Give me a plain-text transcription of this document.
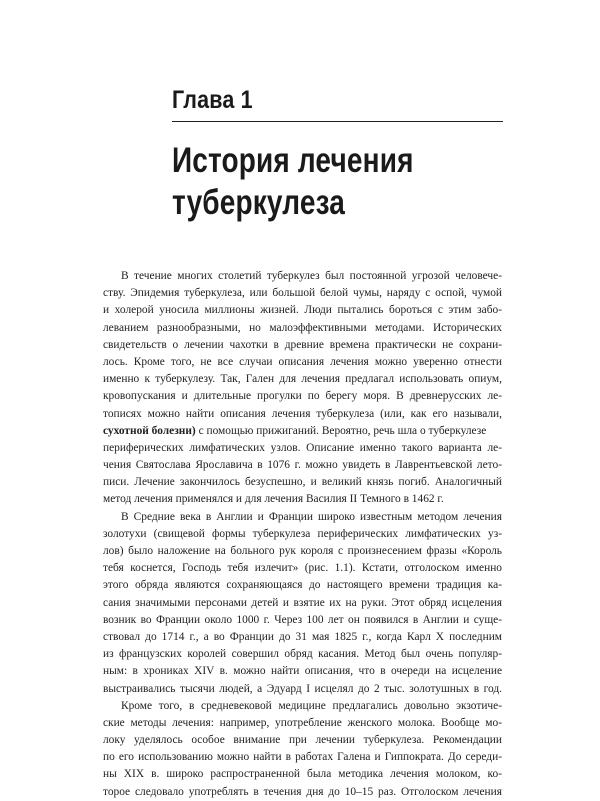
Глава 1
История лечения
туберкулеза
В течение многих столетий туберкулез был постоянной угрозой человече-
ству. Эпидемия туберкулеза, или большой белой чумы, наряду с оспой, чумой
и холерой уносила миллионы жизней. Люди пытались бороться с этим забо-
леванием разнообразными, но малоэффективными методами. Исторических
свидетельств о лечении чахотки в древние времена практически не сохрани-
лось. Кроме того, не все случаи описания лечения можно уверенно отнести
именно к туберкулезу. Так, Гален для лечения предлагал использовать опиум,
кровопускания и длительные прогулки по берегу моря. В древнерусских ле-
тописях можно найти описания лечения туберкулеза (или, как его называли,
сухотной болезни) с помощью прижиганий. Вероятно, речь шла о туберкулезе
периферических лимфатических узлов. Описание именно такого варианта ле-
чения Святослава Ярославича в 1076 г. можно увидеть в Лаврентьевской лето-
писи. Лечение закончилось безуспешно, и великий князь погиб. Аналогичный
метод лечения применялся и для лечения Василия II Темного в 1462 г.
В Средние века в Англии и Франции широко известным методом лечения
золотухи (свищевой формы туберкулеза периферических лимфатических уз-
лов) было наложение на больного рук короля с произнесением фразы «Король
тебя коснется, Господь тебя излечит» (рис. 1.1). Кстати, отголоском именно
этого обряда являются сохраняющаяся до настоящего времени традиция ка-
сания значимыми персонами детей и взятие их на руки. Этот обряд исцеления
возник во Франции около 1000 г. Через 100 лет он появился в Англии и суще-
ствовал до 1714 г., а во Франции до 31 мая 1825 г., когда Карл X последним
из французских королей совершил обряд касания. Метод был очень популяр-
ным: в хрониках XIV в. можно найти описания, что в очереди на исцеление
выстраивались тысячи людей, а Эдуард I исцелял до 2 тыс. золотушных в год.
Кроме того, в средневековой медицине предлагались довольно экзотиче-
ские методы лечения: например, употребление женского молока. Вообще мо-
локу уделялось особое внимание при лечении туберкулеза. Рекомендации
по его использованию можно найти в работах Галена и Гиппократа. До середи-
ны XIX в. широко распространенной была методика лечения молоком, ко-
торое следовало употреблять в течения дня до 10–15 раз. Отголоском лечения
